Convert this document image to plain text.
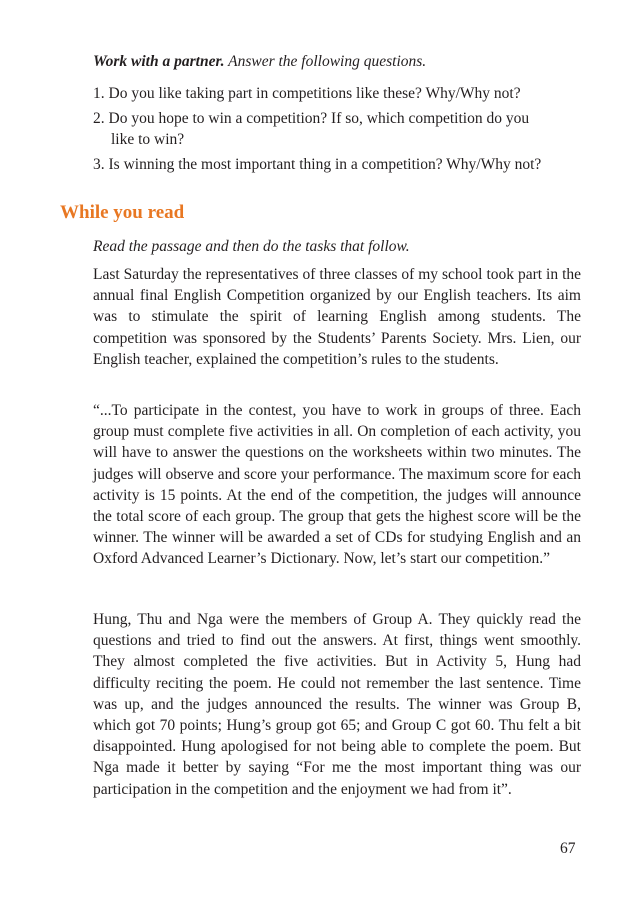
Work with a partner. Answer the following questions.

1. Do you like taking part in competitions like these? Why/Why not?

2. Do you hope to win a competition? If so, which competition do you

like to win?

3. Is winning the most important thing in a competition? Why/Why not?

While you read

Read the passage and then do the tasks that follow.

Last Saturday the representatives of three classes of my school took part in the annual final English Competition organized by our English teachers. Its aim was to stimulate the spirit of learning English among students. The competition was sponsored by the Students’ Parents Society. Mrs. Lien, our English teacher, explained the competition’s rules to the students.

“...To participate in the contest, you have to work in groups of three. Each group must complete five activities in all. On completion of each activity, you will have to answer the questions on the worksheets within two minutes. The judges will observe and score your performance. The maximum score for each activity is 15 points. At the end of the competition, the judges will announce the total score of each group. The group that gets the highest score will be the winner. The winner will be awarded a set of CDs for studying English and an Oxford Advanced Learner’s Dictionary. Now, let’s start our competition.”

Hung, Thu and Nga were the members of Group A. They quickly read the questions and tried to find out the answers. At first, things went smoothly. They almost completed the five activities. But in Activity 5, Hung had difficulty reciting the poem. He could not remember the last sentence. Time was up, and the judges announced the results. The winner was Group B, which got 70 points; Hung’s group got 65; and Group C got 60. Thu felt a bit disappointed. Hung apologised for not being able to complete the poem. But Nga made it better by saying “For me the most important thing was our participation in the competition and the enjoyment we had from it”.

67
